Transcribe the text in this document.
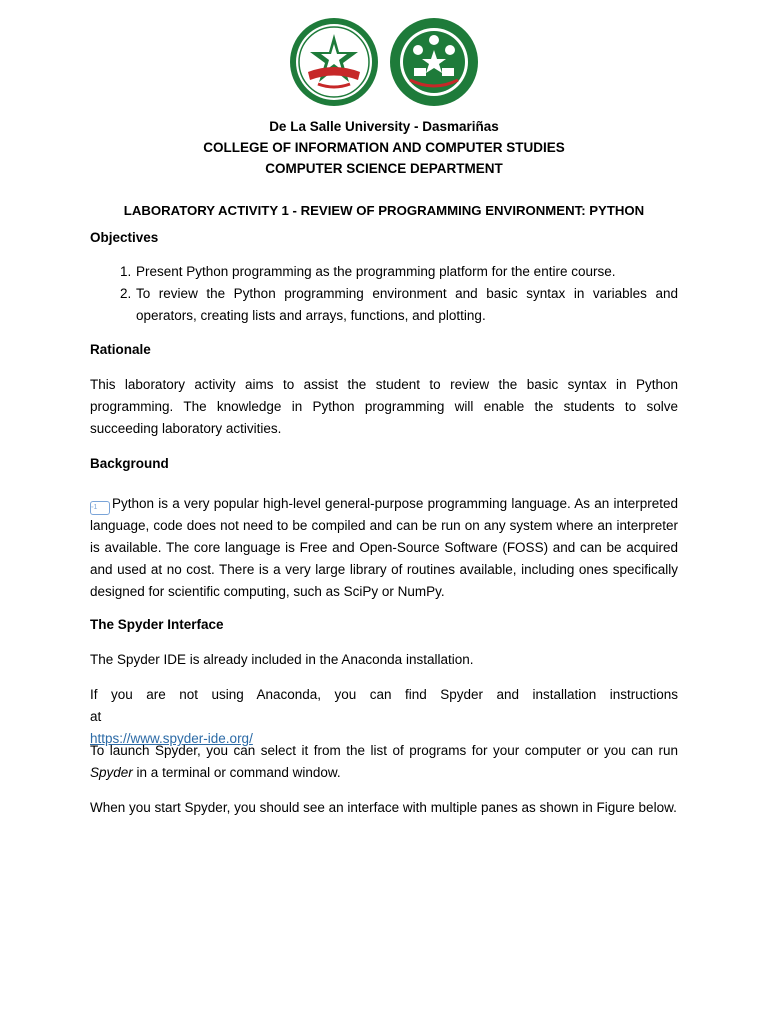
De La Salle University - Dasmariñas
COLLEGE OF INFORMATION AND COMPUTER STUDIES
COMPUTER SCIENCE DEPARTMENT
LABORATORY ACTIVITY 1 - REVIEW OF PROGRAMMING ENVIRONMENT: PYTHON

Objectives

1. Present Python programming as the programming platform for the entire course.
2. To review the Python programming environment and basic syntax in variables and operators, creating lists and arrays, functions, and plotting.

Rationale

This laboratory activity aims to assist the student to review the basic syntax in Python programming. The knowledge in Python programming will enable the students to solve succeeding laboratory activities.

Background

◦1 Python is a very popular high-level general-purpose programming language. As an interpreted language, code does not need to be compiled and can be run on any system where an interpreter is available. The core language is Free and Open-Source Software (FOSS) and can be acquired and used at no cost. There is a very large library of routines available, including ones specifically designed for scientific computing, such as SciPy or NumPy.

The Spyder Interface

The Spyder IDE is already included in the Anaconda installation.

If you are not using Anaconda, you can find Spyder and installation instructions at
https://www.spyder-ide.org/

To launch Spyder, you can select it from the list of programs for your computer or you can run Spyder in a terminal or command window.

When you start Spyder, you should see an interface with multiple panes as shown in Figure below.
